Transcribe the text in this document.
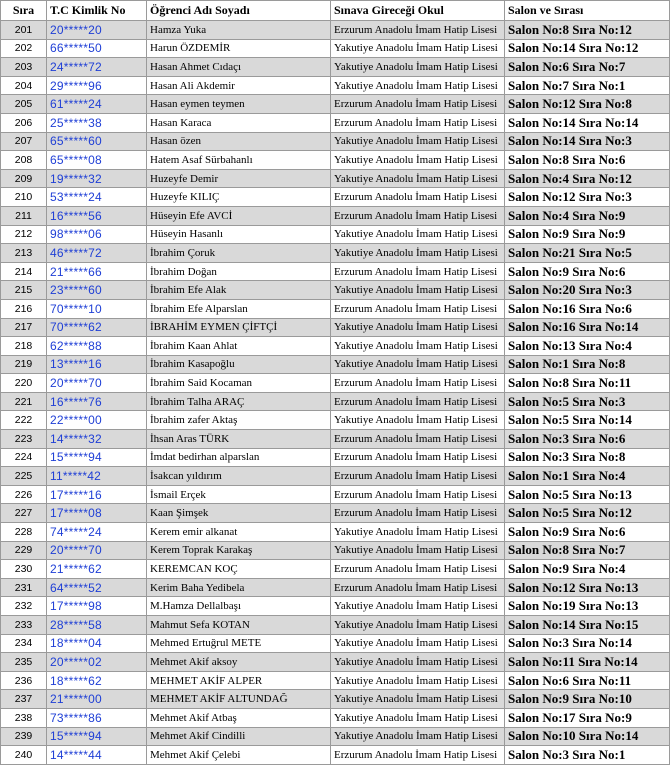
Sıra	T.C Kimlik No	Öğrenci Adı Soyadı	Sınava Gireceği Okul	Salon ve Sırası
201	20*****20	Hamza Yuka	Erzurum Anadolu İmam Hatip Lisesi	Salon No:8 Sıra No:12
202	66*****50	Harun ÖZDEMİR	Yakutiye Anadolu İmam Hatip Lisesi	Salon No:14 Sıra No:12
203	24*****72	Hasan Ahmet Cıdaçı	Yakutiye Anadolu İmam Hatip Lisesi	Salon No:6 Sıra No:7
204	29*****96	Hasan Ali Akdemir	Yakutiye Anadolu İmam Hatip Lisesi	Salon No:7 Sıra No:1
205	61*****24	Hasan eymen teymen	Erzurum Anadolu İmam Hatip Lisesi	Salon No:12 Sıra No:8
206	25*****38	Hasan Karaca	Erzurum Anadolu İmam Hatip Lisesi	Salon No:14 Sıra No:14
207	65*****60	Hasan özen	Yakutiye Anadolu İmam Hatip Lisesi	Salon No:14 Sıra No:3
208	65*****08	Hatem Asaf Sürbahanlı	Yakutiye Anadolu İmam Hatip Lisesi	Salon No:8 Sıra No:6
209	19*****32	Huzeyfe Demir	Yakutiye Anadolu İmam Hatip Lisesi	Salon No:4 Sıra No:12
210	53*****24	Huzeyfe KILIÇ	Erzurum Anadolu İmam Hatip Lisesi	Salon No:12 Sıra No:3
211	16*****56	Hüseyin Efe AVCİ	Erzurum Anadolu İmam Hatip Lisesi	Salon No:4 Sıra No:9
212	98*****06	Hüseyin Hasanlı	Yakutiye Anadolu İmam Hatip Lisesi	Salon No:9 Sıra No:9
213	46*****72	İbrahim Çoruk	Yakutiye Anadolu İmam Hatip Lisesi	Salon No:21 Sıra No:5
214	21*****66	İbrahim Doğan	Erzurum Anadolu İmam Hatip Lisesi	Salon No:9 Sıra No:6
215	23*****60	İbrahim Efe Alak	Yakutiye Anadolu İmam Hatip Lisesi	Salon No:20 Sıra No:3
216	70*****10	İbrahim Efe Alparslan	Erzurum Anadolu İmam Hatip Lisesi	Salon No:16 Sıra No:6
217	70*****62	İBRAHİM EYMEN ÇİFTÇİ	Yakutiye Anadolu İmam Hatip Lisesi	Salon No:16 Sıra No:14
218	62*****88	İbrahim Kaan Ahlat	Yakutiye Anadolu İmam Hatip Lisesi	Salon No:13 Sıra No:4
219	13*****16	İbrahim Kasapoğlu	Yakutiye Anadolu İmam Hatip Lisesi	Salon No:1 Sıra No:8
220	20*****70	İbrahim Said Kocaman	Erzurum Anadolu İmam Hatip Lisesi	Salon No:8 Sıra No:11
221	16*****76	İbrahim Talha ARAÇ	Erzurum Anadolu İmam Hatip Lisesi	Salon No:5 Sıra No:3
222	22*****00	İbrahim zafer Aktaş	Yakutiye Anadolu İmam Hatip Lisesi	Salon No:5 Sıra No:14
223	14*****32	İhsan Aras TÜRK	Erzurum Anadolu İmam Hatip Lisesi	Salon No:3 Sıra No:6
224	15*****94	İmdat bedirhan alparslan	Erzurum Anadolu İmam Hatip Lisesi	Salon No:3 Sıra No:8
225	11*****42	İsakcan yıldırım	Erzurum Anadolu İmam Hatip Lisesi	Salon No:1 Sıra No:4
226	17*****16	İsmail Erçek	Erzurum Anadolu İmam Hatip Lisesi	Salon No:5 Sıra No:13
227	17*****08	Kaan Şimşek	Erzurum Anadolu İmam Hatip Lisesi	Salon No:5 Sıra No:12
228	74*****24	Kerem emir alkanat	Yakutiye Anadolu İmam Hatip Lisesi	Salon No:9 Sıra No:6
229	20*****70	Kerem Toprak Karakaş	Yakutiye Anadolu İmam Hatip Lisesi	Salon No:8 Sıra No:7
230	21*****62	KEREMCAN KOÇ	Erzurum Anadolu İmam Hatip Lisesi	Salon No:9 Sıra No:4
231	64*****52	Kerim Baha Yedibela	Erzurum Anadolu İmam Hatip Lisesi	Salon No:12 Sıra No:13
232	17*****98	M.Hamza Dellalbaşı	Yakutiye Anadolu İmam Hatip Lisesi	Salon No:19 Sıra No:13
233	28*****58	Mahmut Sefa KOTAN	Yakutiye Anadolu İmam Hatip Lisesi	Salon No:14 Sıra No:15
234	18*****04	Mehmed Ertuğrul METE	Yakutiye Anadolu İmam Hatip Lisesi	Salon No:3 Sıra No:14
235	20*****02	Mehmet Akif aksoy	Yakutiye Anadolu İmam Hatip Lisesi	Salon No:11 Sıra No:14
236	18*****62	MEHMET AKİF ALPER	Yakutiye Anadolu İmam Hatip Lisesi	Salon No:6 Sıra No:11
237	21*****00	MEHMET AKİF ALTUNDAĞ	Yakutiye Anadolu İmam Hatip Lisesi	Salon No:9 Sıra No:10
238	73*****86	Mehmet Akif Atbaş	Yakutiye Anadolu İmam Hatip Lisesi	Salon No:17 Sıra No:9
239	15*****94	Mehmet Akif Cindilli	Yakutiye Anadolu İmam Hatip Lisesi	Salon No:10 Sıra No:14
240	14*****44	Mehmet Akif Çelebi	Erzurum Anadolu İmam Hatip Lisesi	Salon No:3 Sıra No:1
